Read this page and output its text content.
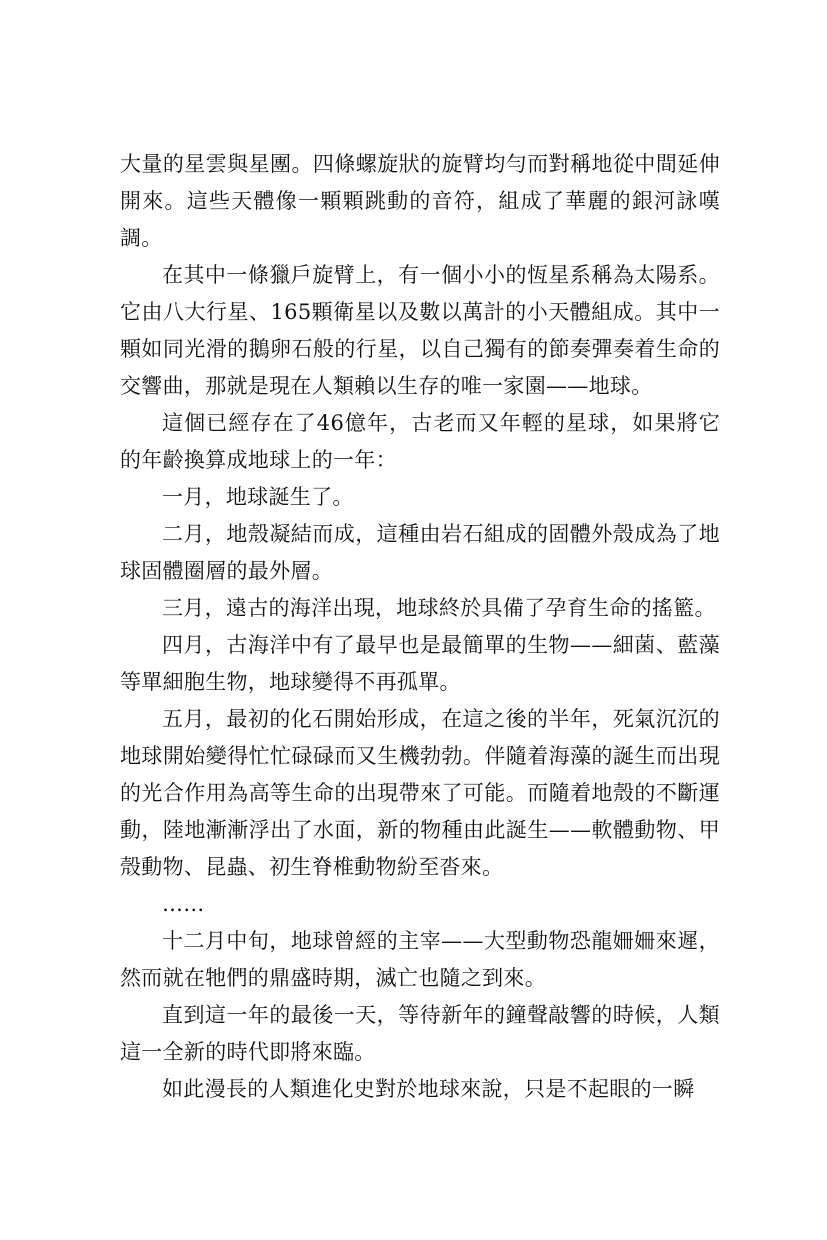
大量的星雲與星團。四條螺旋狀的旋臂均勻而對稱地從中間延伸開來。這些天體像一顆顆跳動的音符，組成了華麗的銀河詠嘆調。

在其中一條獵戶旋臂上，有一個小小的恆星系稱為太陽系。它由八大行星、165顆衛星以及數以萬計的小天體組成。其中一顆如同光滑的鵝卵石般的行星，以自己獨有的節奏彈奏着生命的交響曲，那就是現在人類賴以生存的唯一家園——地球。

這個已經存在了46億年，古老而又年輕的星球，如果將它的年齡換算成地球上的一年：

一月，地球誕生了。

二月，地殼凝結而成，這種由岩石組成的固體外殼成為了地球固體圈層的最外層。

三月，遠古的海洋出現，地球終於具備了孕育生命的搖籃。

四月，古海洋中有了最早也是最簡單的生物——細菌、藍藻等單細胞生物，地球變得不再孤單。

五月，最初的化石開始形成，在這之後的半年，死氣沉沉的地球開始變得忙忙碌碌而又生機勃勃。伴隨着海藻的誕生而出現的光合作用為高等生命的出現帶來了可能。而隨着地殼的不斷運動，陸地漸漸浮出了水面，新的物種由此誕生——軟體動物、甲殼動物、昆蟲、初生脊椎動物紛至沓來。

……

十二月中旬，地球曾經的主宰——大型動物恐龍姍姍來遲，然而就在牠們的鼎盛時期，滅亡也隨之到來。

直到這一年的最後一天，等待新年的鐘聲敲響的時候，人類這一全新的時代即將來臨。

如此漫長的人類進化史對於地球來說，只是不起眼的一瞬
